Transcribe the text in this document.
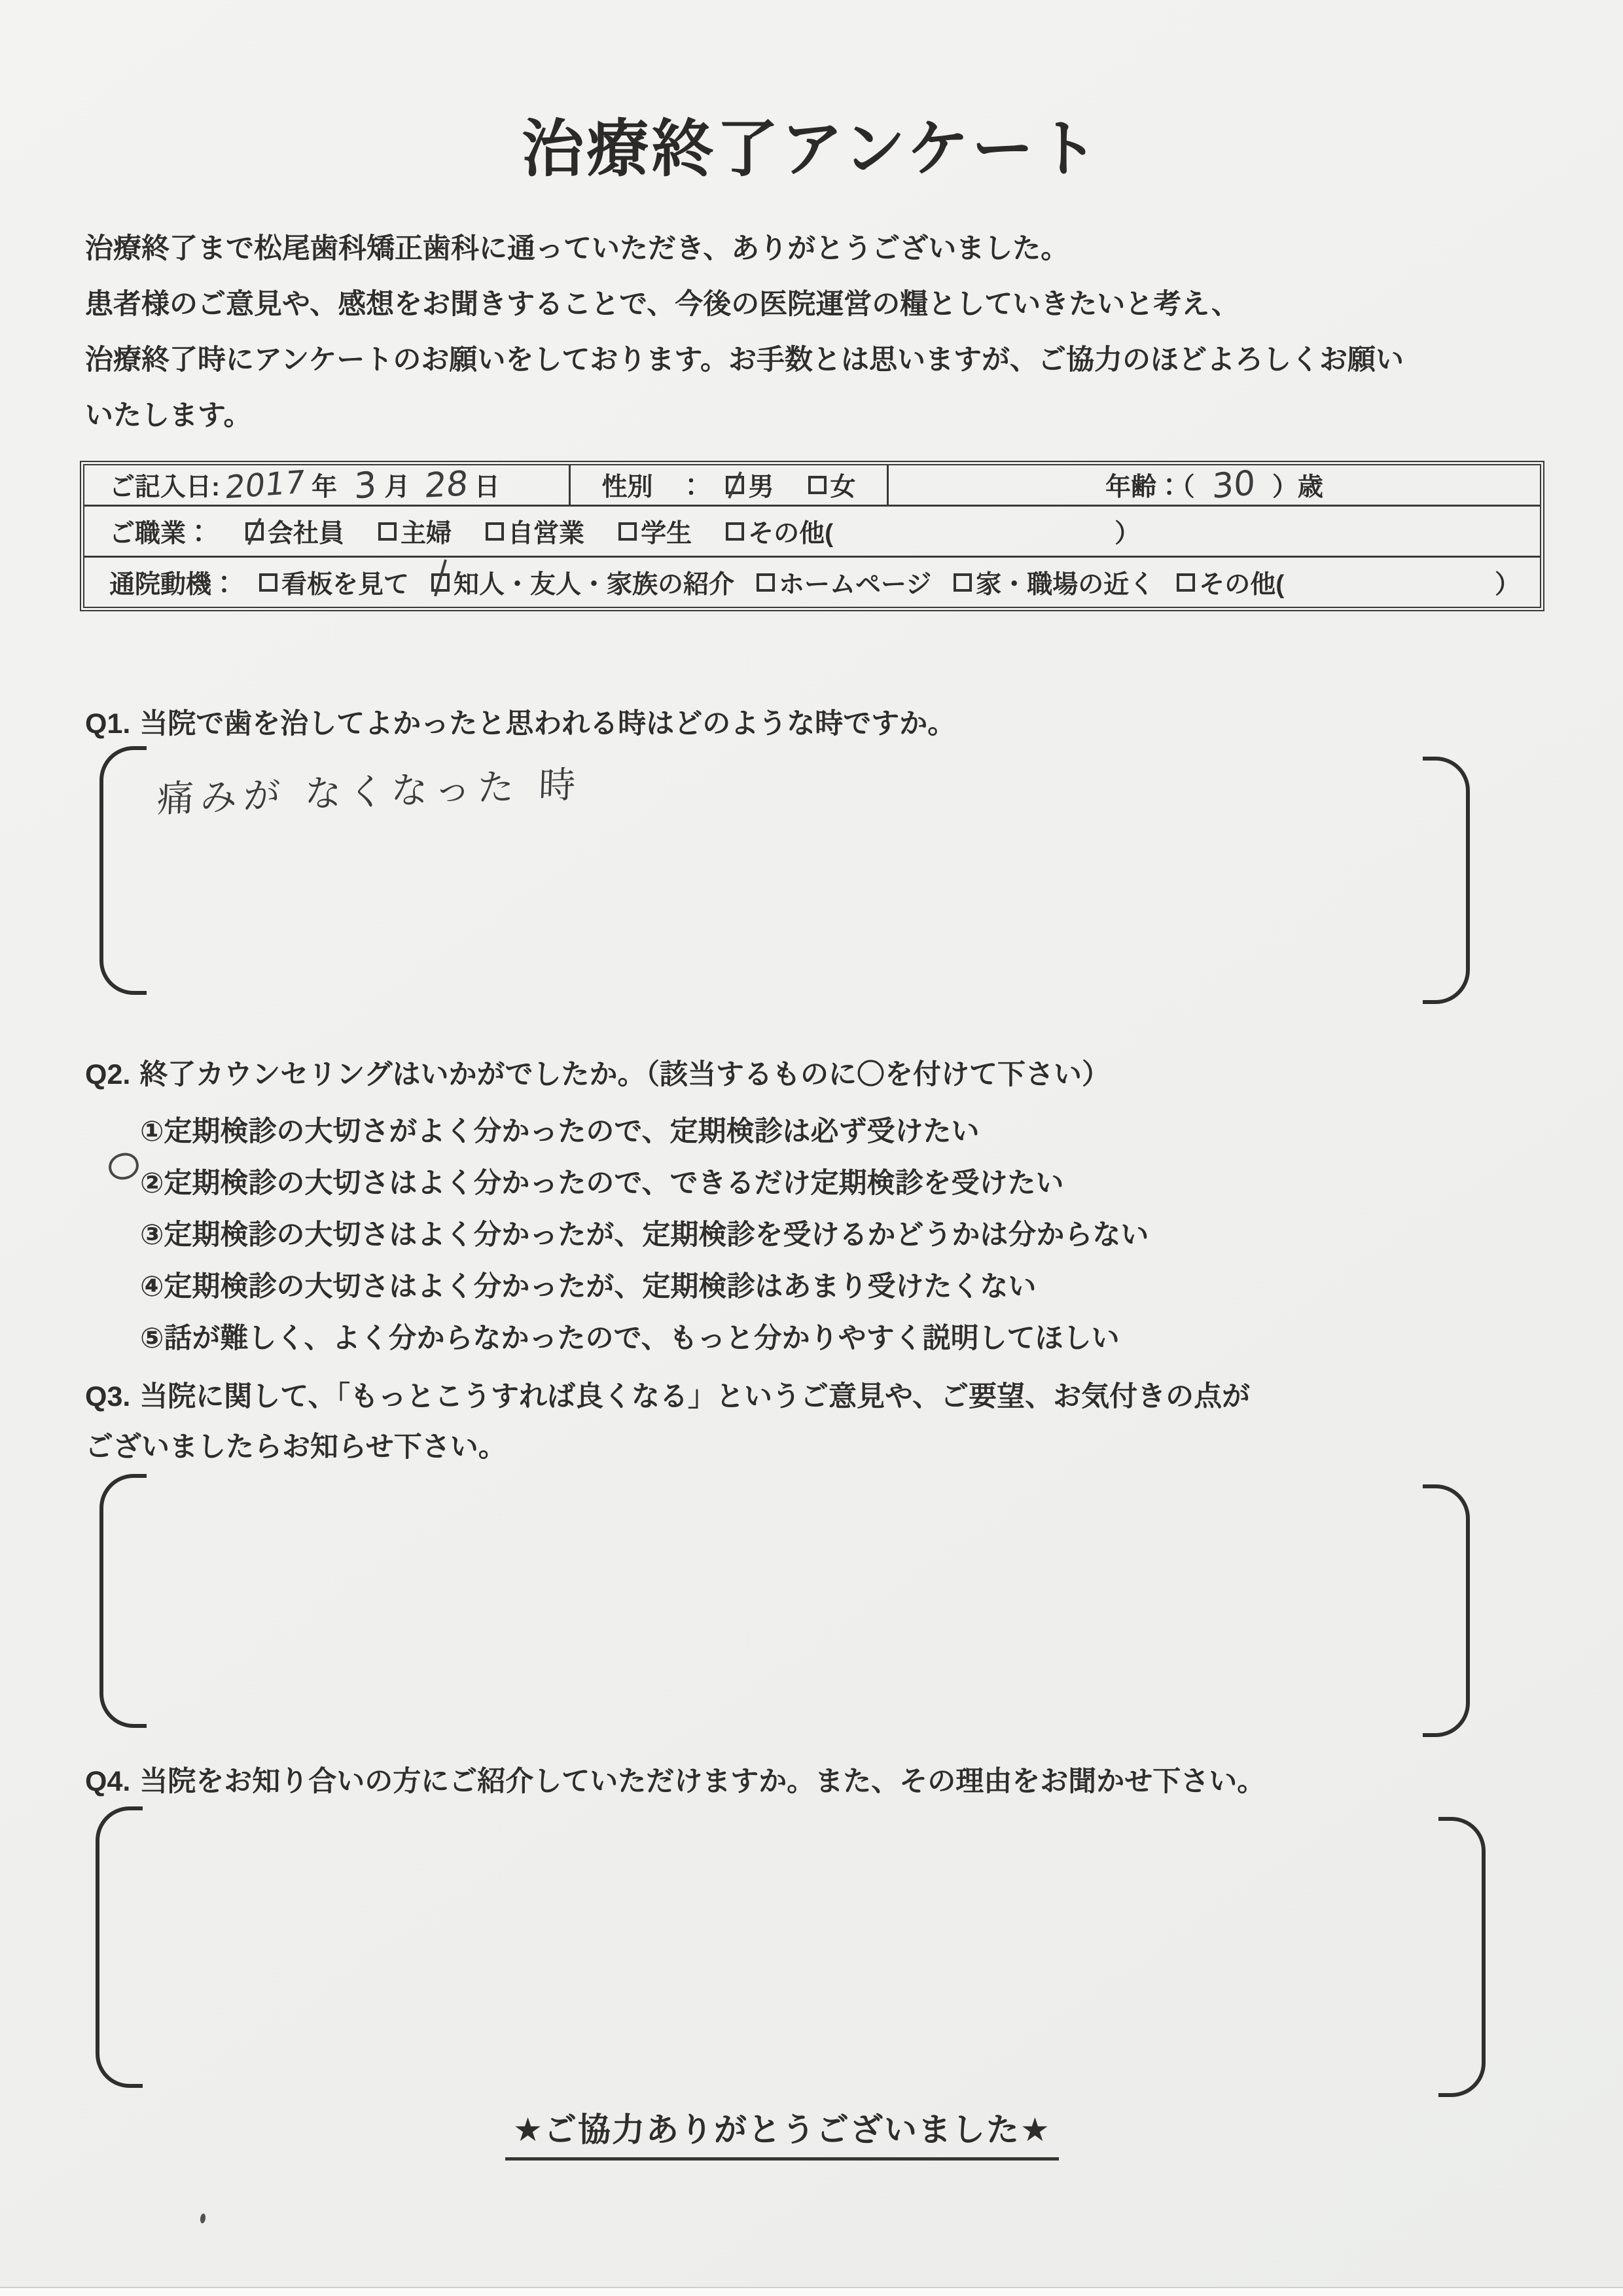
治療終了アンケート
治療終了まで松尾歯科矯正歯科に通っていただき、ありがとうございました。
患者様のご意見や、感想をお聞きすることで、今後の医院運営の糧としていきたいと考え、
治療終了時にアンケートのお願いをしております。お手数とは思いますが、ご協力のほどよろしくお願い
いたします。
ご記入日: 2017 年 3 月 28 日	性別　： 男 女	年齢：（ 30 ）歳
ご職業： 会社員 主婦 自営業 学生 その他(	）
通院動機： 看板を見て 知人・友人・家族の紹介 ホームページ 家・職場の近く その他(	）
Q1. 当院で歯を治してよかったと思われる時はどのような時ですか。
痛みが なくなった 時
Q2. 終了カウンセリングはいかがでしたか。（該当するものに〇を付けて下さい）
①定期検診の大切さがよく分かったので、定期検診は必ず受けたい
②定期検診の大切さはよく分かったので、できるだけ定期検診を受けたい
③定期検診の大切さはよく分かったが、定期検診を受けるかどうかは分からない
④定期検診の大切さはよく分かったが、定期検診はあまり受けたくない
⑤話が難しく、よく分からなかったので、もっと分かりやすく説明してほしい
Q3. 当院に関して、「もっとこうすれば良くなる」というご意見や、ご要望、お気付きの点が
ございましたらお知らせ下さい。
Q4. 当院をお知り合いの方にご紹介していただけますか。また、その理由をお聞かせ下さい。
★ご協力ありがとうございました★
